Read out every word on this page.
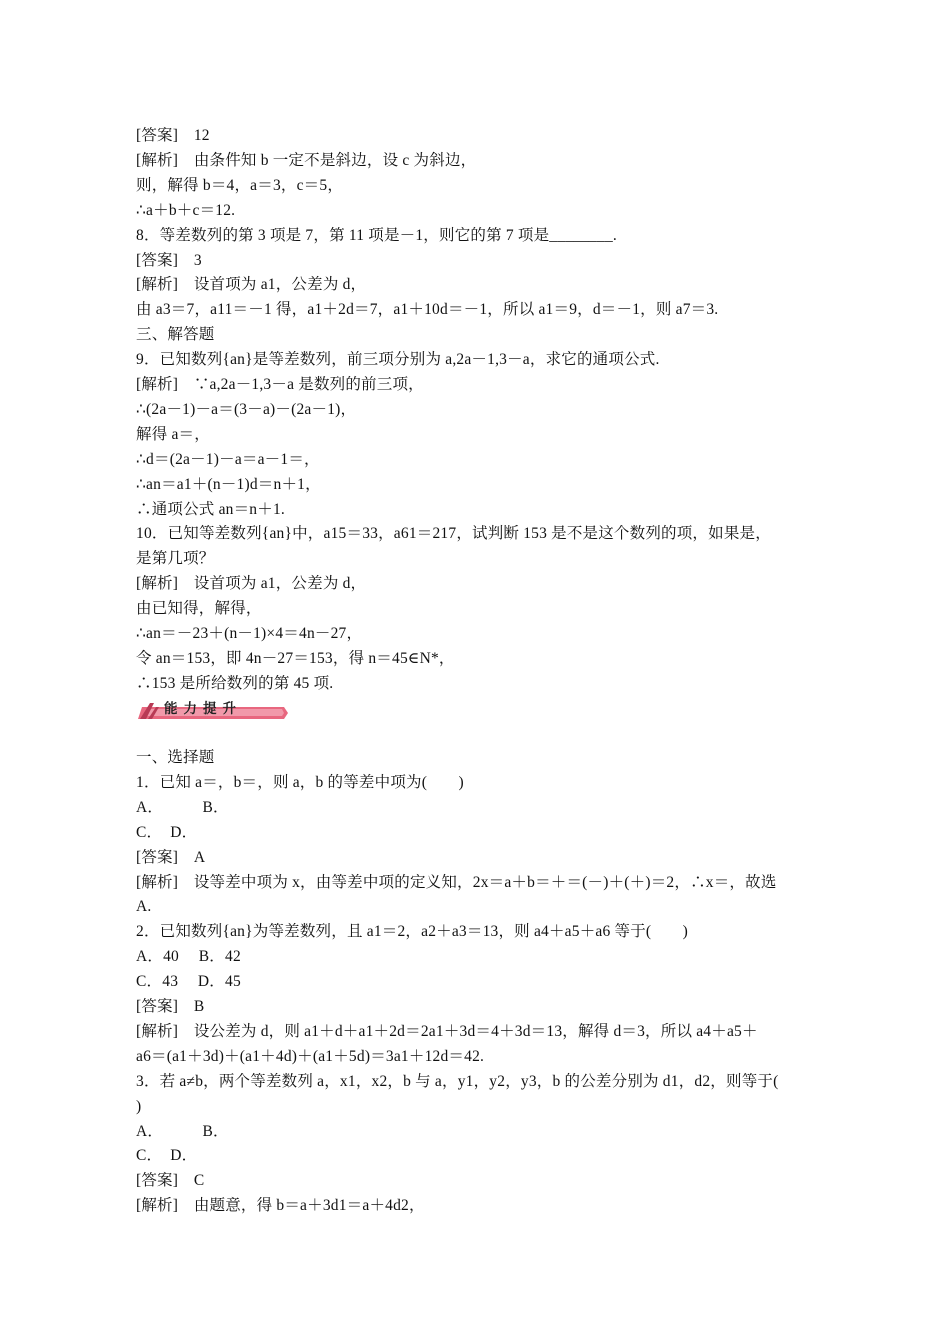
[答案]　12
[解析]　由条件知 b 一定不是斜边，设 c 为斜边，
则，解得 b＝4，a＝3，c＝5，
∴a＋b＋c＝12.
8．等差数列的第 3 项是 7，第 11 项是－1，则它的第 7 项是________.
[答案]　3
[解析]　设首项为 a1，公差为 d，
由 a3＝7，a11＝－1 得，a1＋2d＝7，a1＋10d＝－1，所以 a1＝9，d＝－1，则 a7＝3.
三、解答题
9．已知数列{an}是等差数列，前三项分别为 a,2a－1,3－a，求它的通项公式.
[解析]　∵a,2a－1,3－a 是数列的前三项，
∴(2a－1)－a＝(3－a)－(2a－1)，
解得 a＝，
∴d＝(2a－1)－a＝a－1＝，
∴an＝a1＋(n－1)d＝n＋1，
∴通项公式 an＝n＋1.
10．已知等差数列{an}中，a15＝33，a61＝217，试判断 153 是不是这个数列的项，如果是，
是第几项？
[解析]　设首项为 a1，公差为 d，
由已知得，解得，
∴an＝－23＋(n－1)×4＝4n－27，
令 an＝153，即 4n－27＝153，得 n＝45∈N*，
∴153 是所给数列的第 45 项.
能力提升
一、选择题
1．已知 a＝，b＝，则 a，b 的等差中项为(　　)
A．　　　B．
C．　D．
[答案]　A
[解析]　设等差中项为 x，由等差中项的定义知，2x＝a＋b＝＋＝(－)＋(＋)＝2，∴x＝，故选
A.
2．已知数列{an}为等差数列，且 a1＝2，a2＋a3＝13，则 a4＋a5＋a6 等于(　　)
A．40　 B．42
C．43　 D．45
[答案]　B
[解析]　设公差为 d，则 a1＋d＋a1＋2d＝2a1＋3d＝4＋3d＝13，解得 d＝3，所以 a4＋a5＋
a6＝(a1＋3d)＋(a1＋4d)＋(a1＋5d)＝3a1＋12d＝42.
3．若 a≠b，两个等差数列 a，x1，x2，b 与 a，y1，y2，y3，b 的公差分别为 d1，d2，则等于(
)
A．　　　B．
C．　D．
[答案]　C
[解析]　由题意，得 b＝a＋3d1＝a＋4d2，
